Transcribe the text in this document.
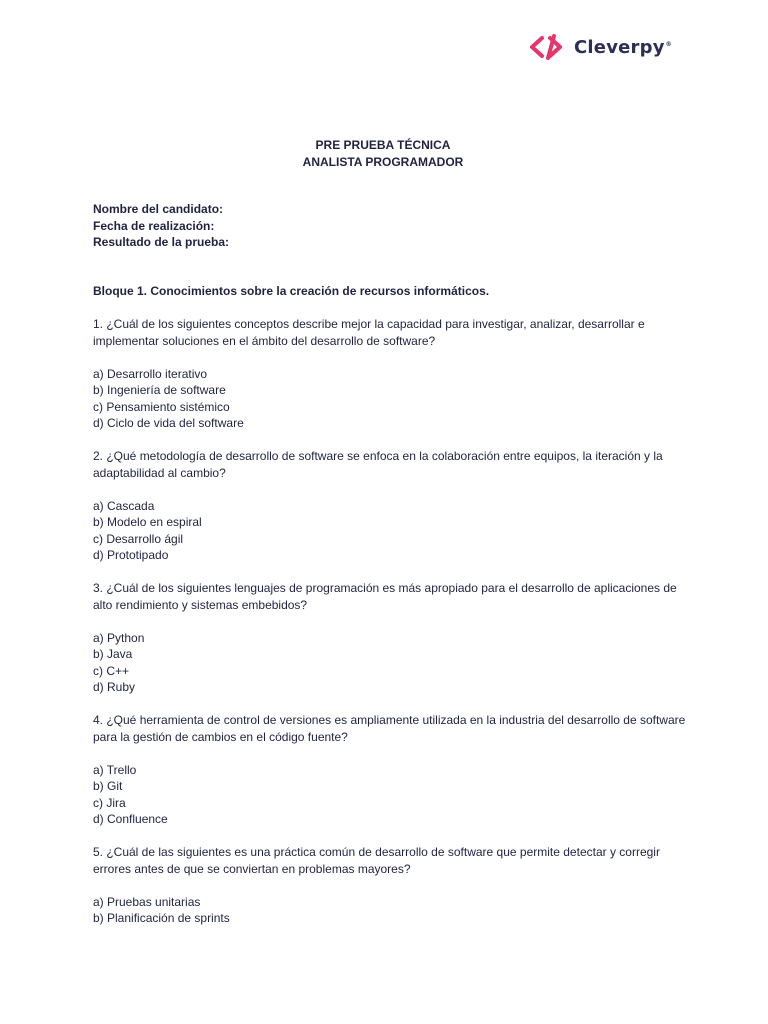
Cleverpy®
PRE PRUEBA TÉCNICA
ANALISTA PROGRAMADOR
Nombre del candidato:
Fecha de realización:
Resultado de la prueba:
Bloque 1. Conocimientos sobre la creación de recursos informáticos.
1. ¿Cuál de los siguientes conceptos describe mejor la capacidad para investigar, analizar, desarrollar e implementar soluciones en el ámbito del desarrollo de software?
a) Desarrollo iterativo
b) Ingeniería de software
c) Pensamiento sistémico
d) Ciclo de vida del software
2. ¿Qué metodología de desarrollo de software se enfoca en la colaboración entre equipos, la iteración y la adaptabilidad al cambio?
a) Cascada
b) Modelo en espiral
c) Desarrollo ágil
d) Prototipado
3. ¿Cuál de los siguientes lenguajes de programación es más apropiado para el desarrollo de aplicaciones de alto rendimiento y sistemas embebidos?
a) Python
b) Java
c) C++
d) Ruby
4. ¿Qué herramienta de control de versiones es ampliamente utilizada en la industria del desarrollo de software para la gestión de cambios en el código fuente?
a) Trello
b) Git
c) Jira
d) Confluence
5. ¿Cuál de las siguientes es una práctica común de desarrollo de software que permite detectar y corregir errores antes de que se conviertan en problemas mayores?
a) Pruebas unitarias
b) Planificación de sprints
